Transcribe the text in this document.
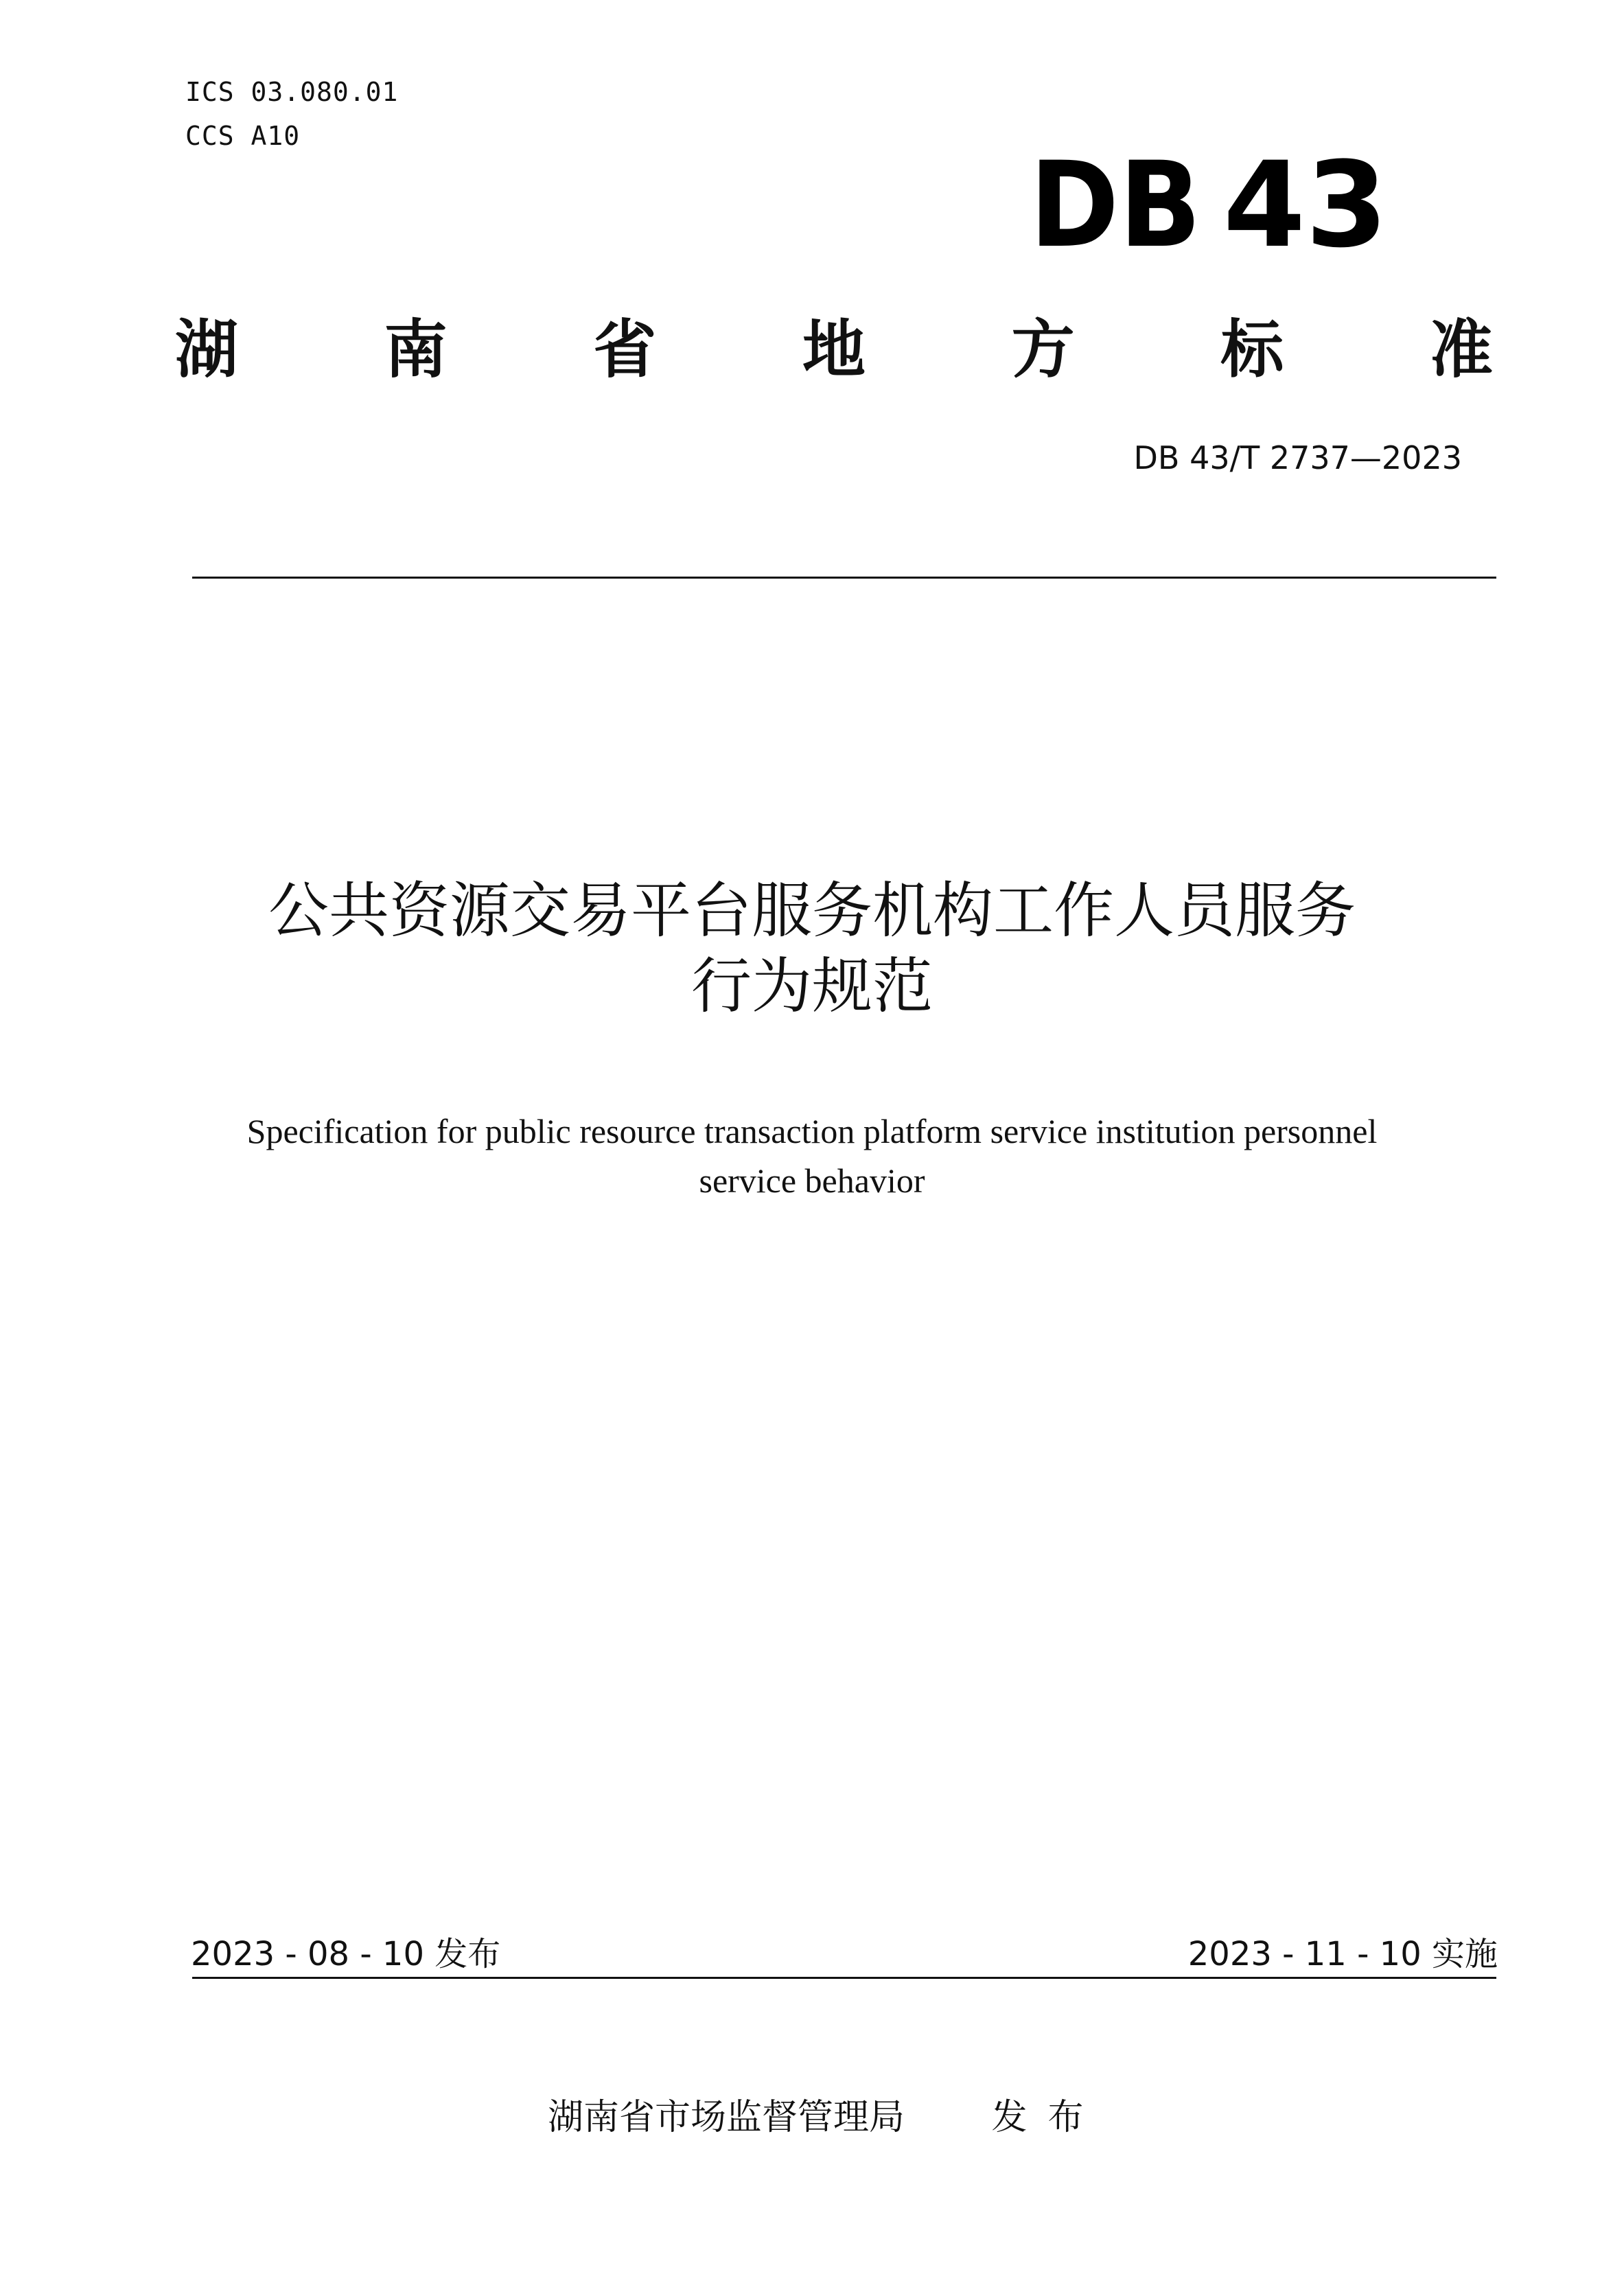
ICS 03.080.01
CCS A10	DB 43
湖 南 省 地 方 标 准
DB 43/T 2737—2023
公共资源交易平台服务机构工作人员服务
行为规范
Specification for public resource transaction platform service institution personnel
service behavior
2023 - 08 - 10 发布	2023 - 11 - 10 实施
湖南省市场监督管理局 发布
